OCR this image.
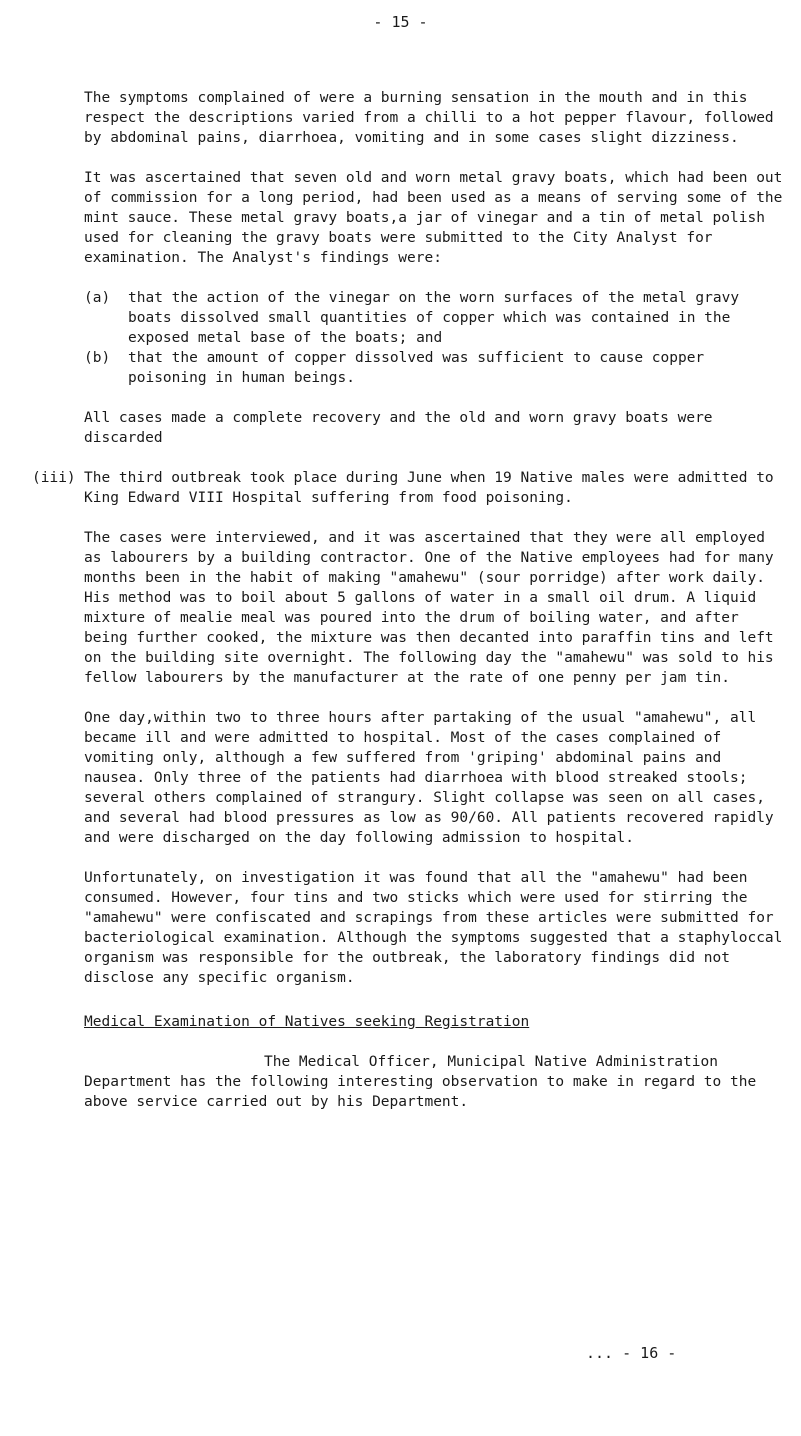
- 15 -

The symptoms complained of were a burning sensation in the mouth and in this respect the descriptions varied from a chilli to a hot pepper flavour, followed by abdominal pains, diarrhoea, vomiting and in some cases slight dizziness.

It was ascertained that seven old and worn metal gravy boats, which had been out of commission for a long period, had been used as a means of serving some of the mint sauce. These metal gravy boats,a jar of vinegar and a tin of metal polish used for cleaning the gravy boats were submitted to the City Analyst for examination. The Analyst's findings were:

(a)	that the action of the vinegar on the worn surfaces of the metal gravy boats dissolved small quantities of copper which was contained in the exposed metal base of the boats; and
(b)	that the amount of copper dissolved was sufficient to cause copper poisoning in human beings.

All cases made a complete recovery and the old and worn gravy boats were discarded

(iii) The third outbreak took place during June when 19 Native males were admitted to King Edward VIII Hospital suffering from food poisoning.

The cases were interviewed, and it was ascertained that they were all employed as labourers by a building contractor. One of the Native employees had for many months been in the habit of making "amahewu" (sour porridge) after work daily. His method was to boil about 5 gallons of water in a small oil drum. A liquid mixture of mealie meal was poured into the drum of boiling water, and after being further cooked, the mixture was then decanted into paraffin tins and left on the building site overnight. The following day the "amahewu" was sold to his fellow labourers by the manufacturer at the rate of one penny per jam tin.

One day,within two to three hours after partaking of the usual "amahewu", all became ill and were admitted to hospital. Most of the cases complained of vomiting only, although a few suffered from 'griping' abdominal pains and nausea. Only three of the patients had diarrhoea with blood streaked stools; several others complained of strangury. Slight collapse was seen on all cases, and several had blood pressures as low as 90/60. All patients recovered rapidly and were discharged on the day following admission to hospital.

Unfortunately, on investigation it was found that all the "amahewu" had been consumed. However, four tins and two sticks which were used for stirring the "amahewu" were confiscated and scrapings from these articles were submitted for bacteriological examination. Although the symptoms suggested that a staphyloccal organism was responsible for the outbreak, the laboratory findings did not disclose any specific organism.

Medical Examination of Natives seeking Registration

The Medical Officer, Municipal Native Administration Department has the following interesting observation to make in regard to the above service carried out by his Department.

... - 16 -
